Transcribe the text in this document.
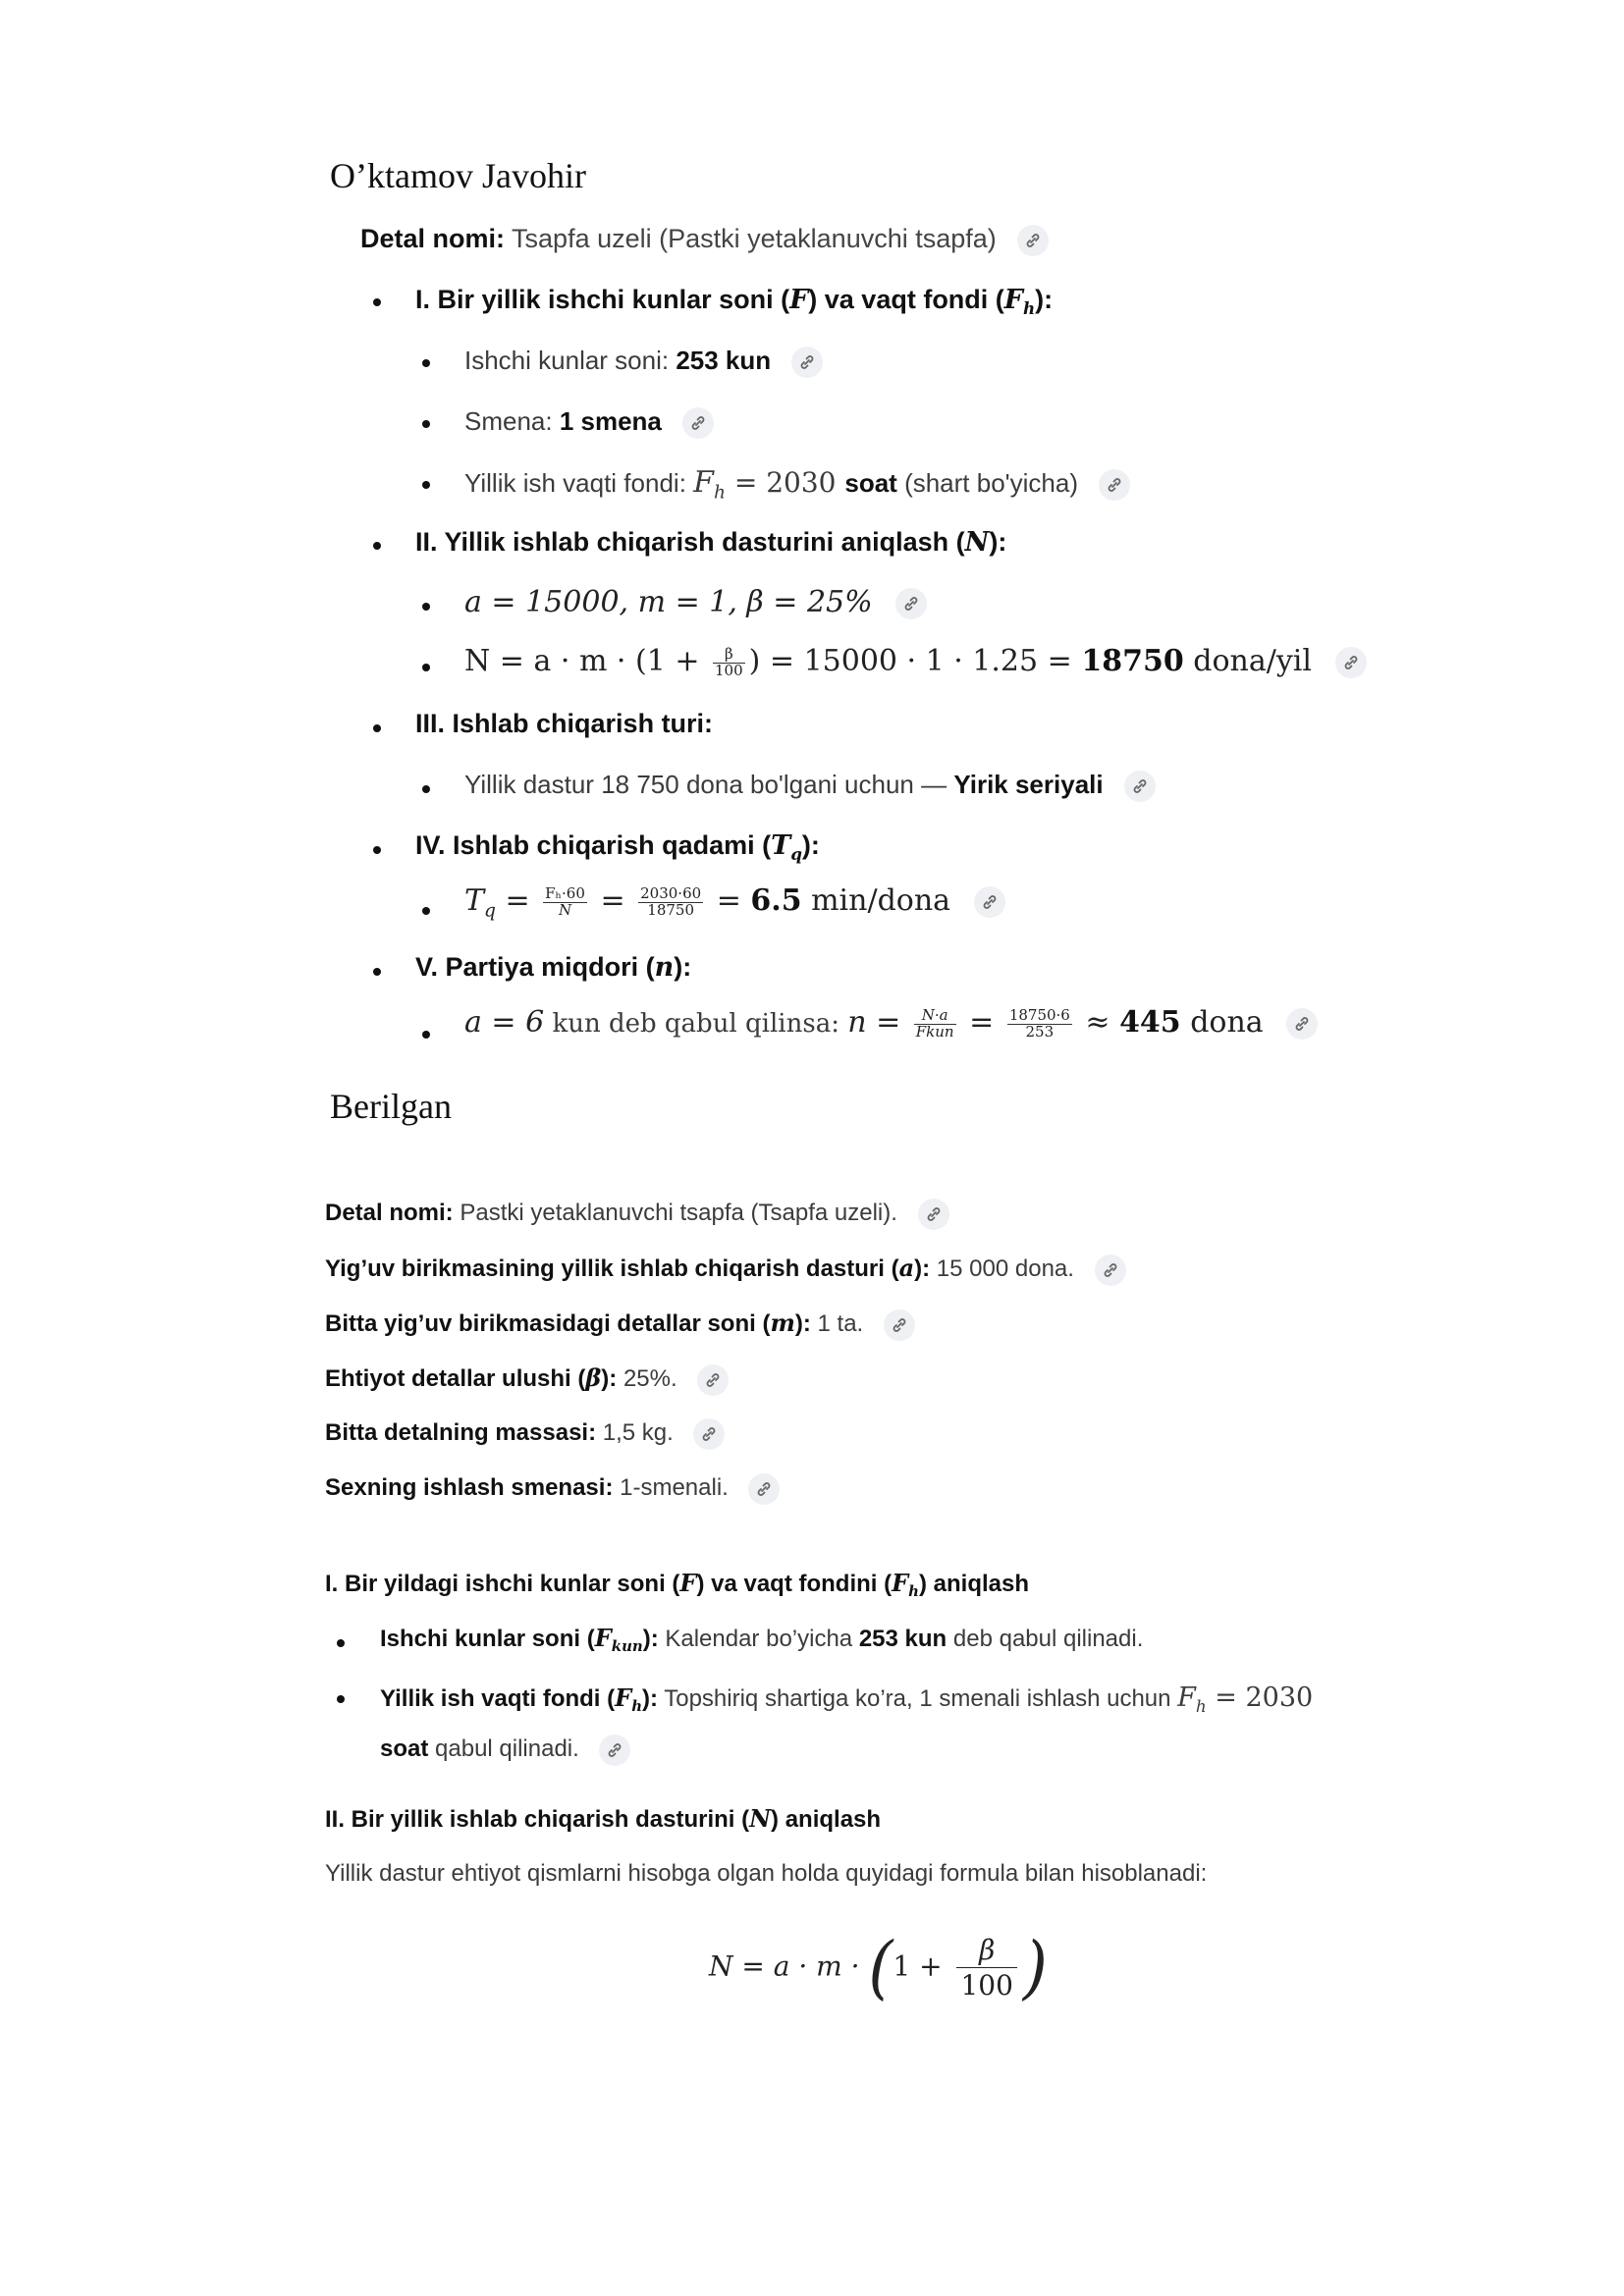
O’ktamov Javohir
Detal nomi: Tsapfa uzeli (Pastki yetaklanuvchi tsapfa)
I. Bir yillik ishchi kunlar soni (F) va vaqt fondi $(F_h)$:
Ishchi kunlar soni: 253 kun
Smena: 1 smena
Yillik ish vaqti fondi: $F_h = 2030$ soat (shart bo'yicha)
II. Yillik ishlab chiqarish dasturini aniqlash (N):
a = 15000, m = 1, β = 25%
$N = a \cdot m \cdot (1 + \frac{\beta}{100}$ ) = 15000 · 1 · 1.25 = 18750 dona/yil
III. Ishlab chiqarish turi:
Yillik dastur 18 750 dona bo'lgani uchun — Yirik seriyali
IV. Ishlab chiqarish qadami $(T_q)$:
$T_q = \frac{\text{Fₕ·60}}{N} = \frac{2030\cdot 60}{18750} = 6.5$ min/dona
V. Partiya miqdori (n):
a = 6 kun deb qabul qilinsa: $n = \frac{N\cdot a}{\text{Fkun}} = \frac{18750\cdot 6}{253} \approx 445$ dona
Berilgan
Detal nomi: Pastki yetaklanuvchi tsapfa (Tsapfa uzeli).
Yig’uv birikmasining yillik ishlab chiqarish dasturi (a): 15 000 dona.
Bitta yig’uv birikmasidagi detallar soni (m): 1 ta.
Ehtiyot detallar ulushi (β): 25%.
Bitta detalning massasi: 1,5 kg.
Sexning ishlash smenasi: 1-smenali.
I. Bir yildagi ishchi kunlar soni (F) va vaqt fondini $(F_h)$ aniqlash
Ishchi kunlar soni $(F_{kun})$: Kalendar bo’yicha 253 kun deb qabul qilinadi.
Yillik ish vaqti fondi $(F_h)$: Topshiriq shartiga ko’ra, 1 smenali ishlash uchun $F_h = 2030$
soat qabul qilinadi.
II. Bir yillik ishlab chiqarish dasturini (N) aniqlash
Yillik dastur ehtiyot qismlarni hisobga olgan holda quyidagi formula bilan hisoblanadi:
$N = a \cdot m \cdot (1 + \frac{\beta}{100}$ )
